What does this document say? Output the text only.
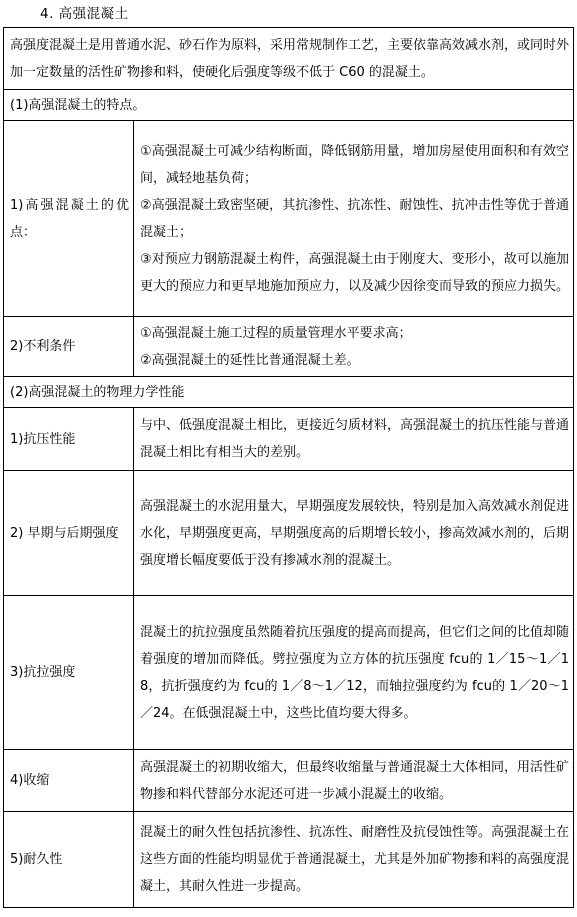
4. 高强混凝土
高强度混凝土是用普通水泥、砂石作为原料，采用常规制作工艺，主要依靠高效减水剂，或同时外加一定数量的活性矿物掺和料，使硬化后强度等级不低于 C60 的混凝土。	
(1)高强混凝土的特点。	
1)高强混凝土的优点：	①高强混凝土可减少结构断面，降低钢筋用量，增加房屋使用面积和有效空间，减轻地基负荷；
②高强混凝土致密坚硬，其抗渗性、抗冻性、耐蚀性、抗冲击性等优于普通混凝土；
③对预应力钢筋混凝土构件，高强混凝土由于刚度大、变形小，故可以施加更大的预应力和更早地施加预应力，以及减少因徐变而导致的预应力损失。

2)不利条件	①高强混凝土施工过程的质量管理水平要求高；
②高强混凝土的延性比普通混凝土差。

(2)高强混凝土的物理力学性能	
1)抗压性能	与中、低强度混凝土相比，更接近匀质材料，高强混凝土的抗压性能与普通混凝土相比有相当大的差别。
2) 早期与后期强度	高强混凝土的水泥用量大，早期强度发展较快，特别是加入高效减水剂促进水化，早期强度更高，早期强度高的后期增长较小，掺高效减水剂的，后期强度增长幅度要低于没有掺减水剂的混凝土。
3)抗拉强度	混凝土的抗拉强度虽然随着抗压强度的提高而提高，但它们之间的比值却随着强度的增加而降低。劈拉强度为立方体的抗压强度 fcu的 1／15～1／18，抗折强度约为 fcu的 1／8～1／12，而轴拉强度约为 fcu的 1／20～1／24。在低强混凝土中，这些比值均要大得多。
4)收缩	高强混凝土的初期收缩大，但最终收缩量与普通混凝土大体相同，用活性矿物掺和料代替部分水泥还可进一步减小混凝土的收缩。
5)耐久性	混凝土的耐久性包括抗渗性、抗冻性、耐磨性及抗侵蚀性等。高强混凝土在这些方面的性能均明显优于普通混凝土，尤其是外加矿物掺和料的高强度混凝土，其耐久性进一步提高。
